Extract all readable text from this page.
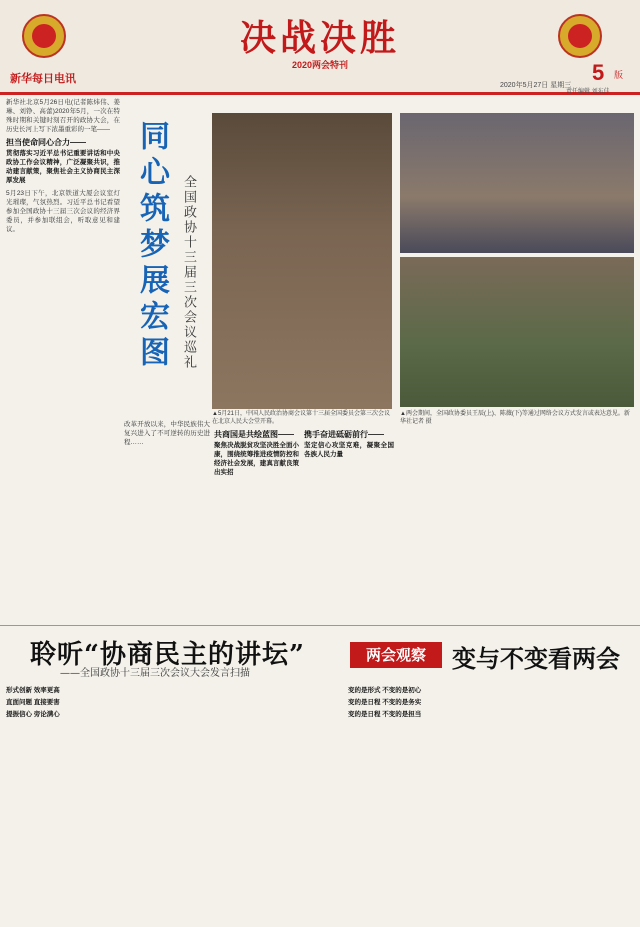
决战决胜
2020两会特刊
新华每日电讯	5 版
2020年5月27日 星期三
责任编辑 刘东佳

新华社北京5月26日电(记者陈炜伟、姜琳、刘铮、高蕾)2020年5月，一次在特殊时期和关键时刻召开的政协大会，在历史长河上写下浓墨重彩的一笔——

担当使命同心合力——

贯彻落实习近平总书记重要讲话和中央政协工作会议精神，广泛凝聚共识，推动建言献策，聚焦社会主义协商民主深厚发展

5月23日下午，北京铁道大厦会议室灯光璀璨，气氛热烈。习近平总书记看望参加全国政协十三届三次会议的经济界委员，并参加联组会，听取意见和建议。	同心筑梦展宏图 全国政协十三届三次会议巡礼

改革开放以来，中华民族伟大复兴进入了不可逆转的历史进程……

▲5月21日，中国人民政治协商会议第十三届全国委员会第三次会议在北京人民大会堂开幕。
▲两会期间，全国政协委员王辰(上)、陈薇(下)等通过网络会议方式发言或表达意见。新华社记者 摄

共商国是共绘蓝图——

聚焦决战脱贫攻坚决胜全面小康，围绕统筹推进疫情防控和经济社会发展，建真言献良策出实招

携手奋进砥砺前行——

坚定信心攻坚克难，凝聚全国各族人民力量

聆听“协商民主的讲坛”
——全国政协十三届三次会议大会发言扫描

形式创新 效率更高

直面问题 直接要害

提振信心 旁论满心

两会观察	变与不变看两会

变的是形式 不变的是初心

变的是日程 不变的是务实

变的是日程 不变的是担当
